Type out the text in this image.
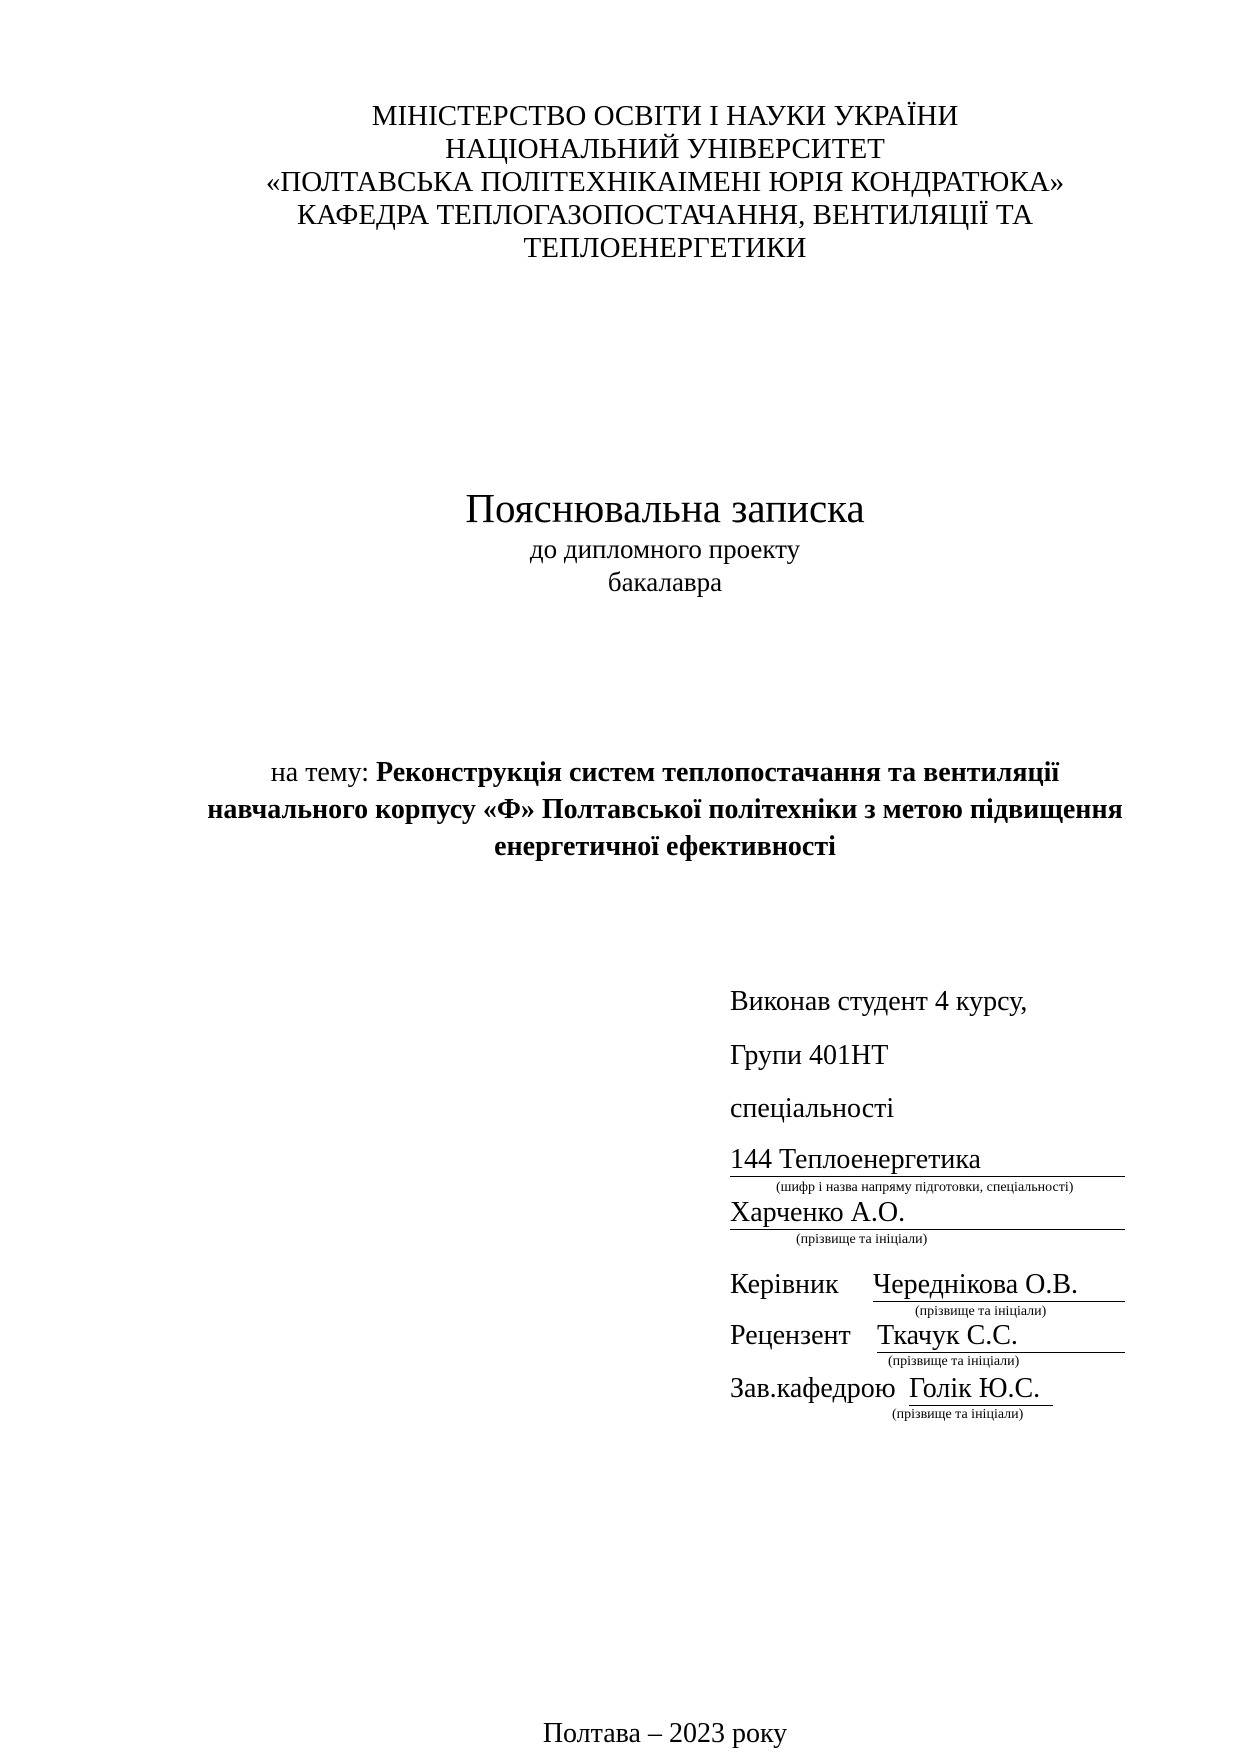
МІНІСТЕРСТВО ОСВІТИ І НАУКИ УКРАЇНИ
НАЦІОНАЛЬНИЙ УНІВЕРСИТЕТ
«ПОЛТАВСЬКА ПОЛІТЕХНІКАІМЕНІ ЮРІЯ КОНДРАТЮКА»
КАФЕДРА ТЕПЛОГАЗОПОСТАЧАННЯ, ВЕНТИЛЯЦІЇ ТА
ТЕПЛОЕНЕРГЕТИКИ
Пояснювальна записка
до дипломного проекту
бакалавра
на тему: Реконструкція систем теплопостачання та вентиляції
навчального корпусу «Ф» Полтавської політехніки з метою підвищення
енергетичної ефективності
Виконав студент 4 курсу,
Групи 401НТ
спеціальності
144 Теплоенергетика
(шифр і назва напряму підготовки, спеціальності)
Харченко А.О.
(прізвище та ініціали)
Керівник Череднікова О.В.
(прізвище та ініціали)
Рецензент Ткачук С.С.
(прізвище та ініціали)
Зав.кафедрою Голік Ю.С.
(прізвище та ініціали)
Полтава – 2023 року
